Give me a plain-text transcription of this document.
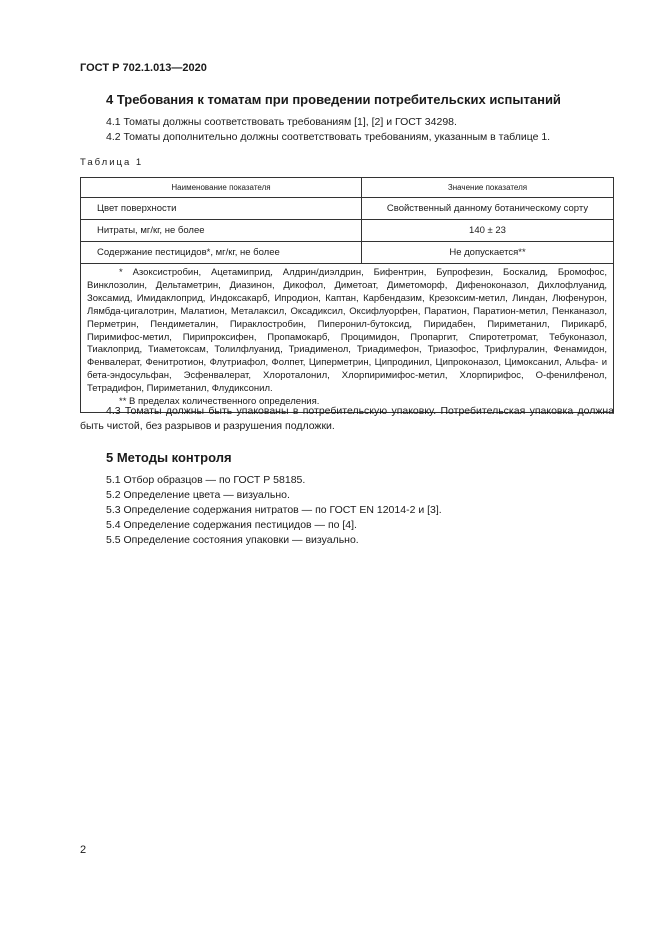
ГОСТ Р 702.1.013—2020
4 Требования к томатам при проведении потребительских испытаний
4.1 Томаты должны соответствовать требованиям [1], [2] и ГОСТ 34298.
4.2 Томаты дополнительно должны соответствовать требованиям, указанным в таблице 1.
Таблица 1
Наименование показателя	Значение показателя
Цвет поверхности	Свойственный данному ботаническому сорту
Нитраты, мг/кг, не более	140 ± 23
Содержание пестицидов*, мг/кг, не более	Не допускается**

* Азоксистробин, Ацетамиприд, Алдрин/диэлдрин, Бифентрин, Бупрофезин, Боскалид, Бромофос, Винклозолин, Дельтаметрин, Диазинон, Дикофол, Диметоат, Диметоморф, Дифеноконазол, Дихлофлуанид, Зоксамид, Имидаклоприд, Индоксакарб, Ипродион, Каптан, Карбендазим, Крезоксим-метил, Линдан, Люфенурон, Лямбда-цигалотрин, Малатион, Металаксил, Оксадиксил, Оксифлуорфен, Паратион, Паратион-метил, Пенканазол, Перметрин, Пендиметалин, Пираклостробин, Пиперонил-бутоксид, Пиридабен, Пириметанил, Пирикарб, Пиримифос-метил, Пирипроксифен, Пропамокарб, Процимидон, Пропаргит, Спиротетромат, Тебуконазол, Тиаклоприд, Тиаметоксам, Толилфлуанид, Триадименол, Триадимефон, Триазофос, Трифлуралин, Фенамидон, Фенвалерат, Фенитротион, Флутриафол, Фолпет, Циперметрин, Ципродинил, Ципроконазол, Цимоксанил, Альфа- и бета-эндосульфан, Эсфенвалерат, Хлороталонил, Хлорпиримифос-метил, Хлорпирифос, О-фенилфенол, Тетрадифон, Пириметанил, Флудиксонил.
** В пределах количественного определения.	
4.3 Томаты должны быть упакованы в потребительскую упаковку. Потребительская упаковка должна быть чистой, без разрывов и разрушения подложки.
5 Методы контроля
5.1 Отбор образцов — по ГОСТ Р 58185.
5.2 Определение цвета — визуально.
5.3 Определение содержания нитратов — по ГОСТ EN 12014-2 и [3].
5.4 Определение содержания пестицидов — по [4].
5.5 Определение состояния упаковки — визуально.
2
